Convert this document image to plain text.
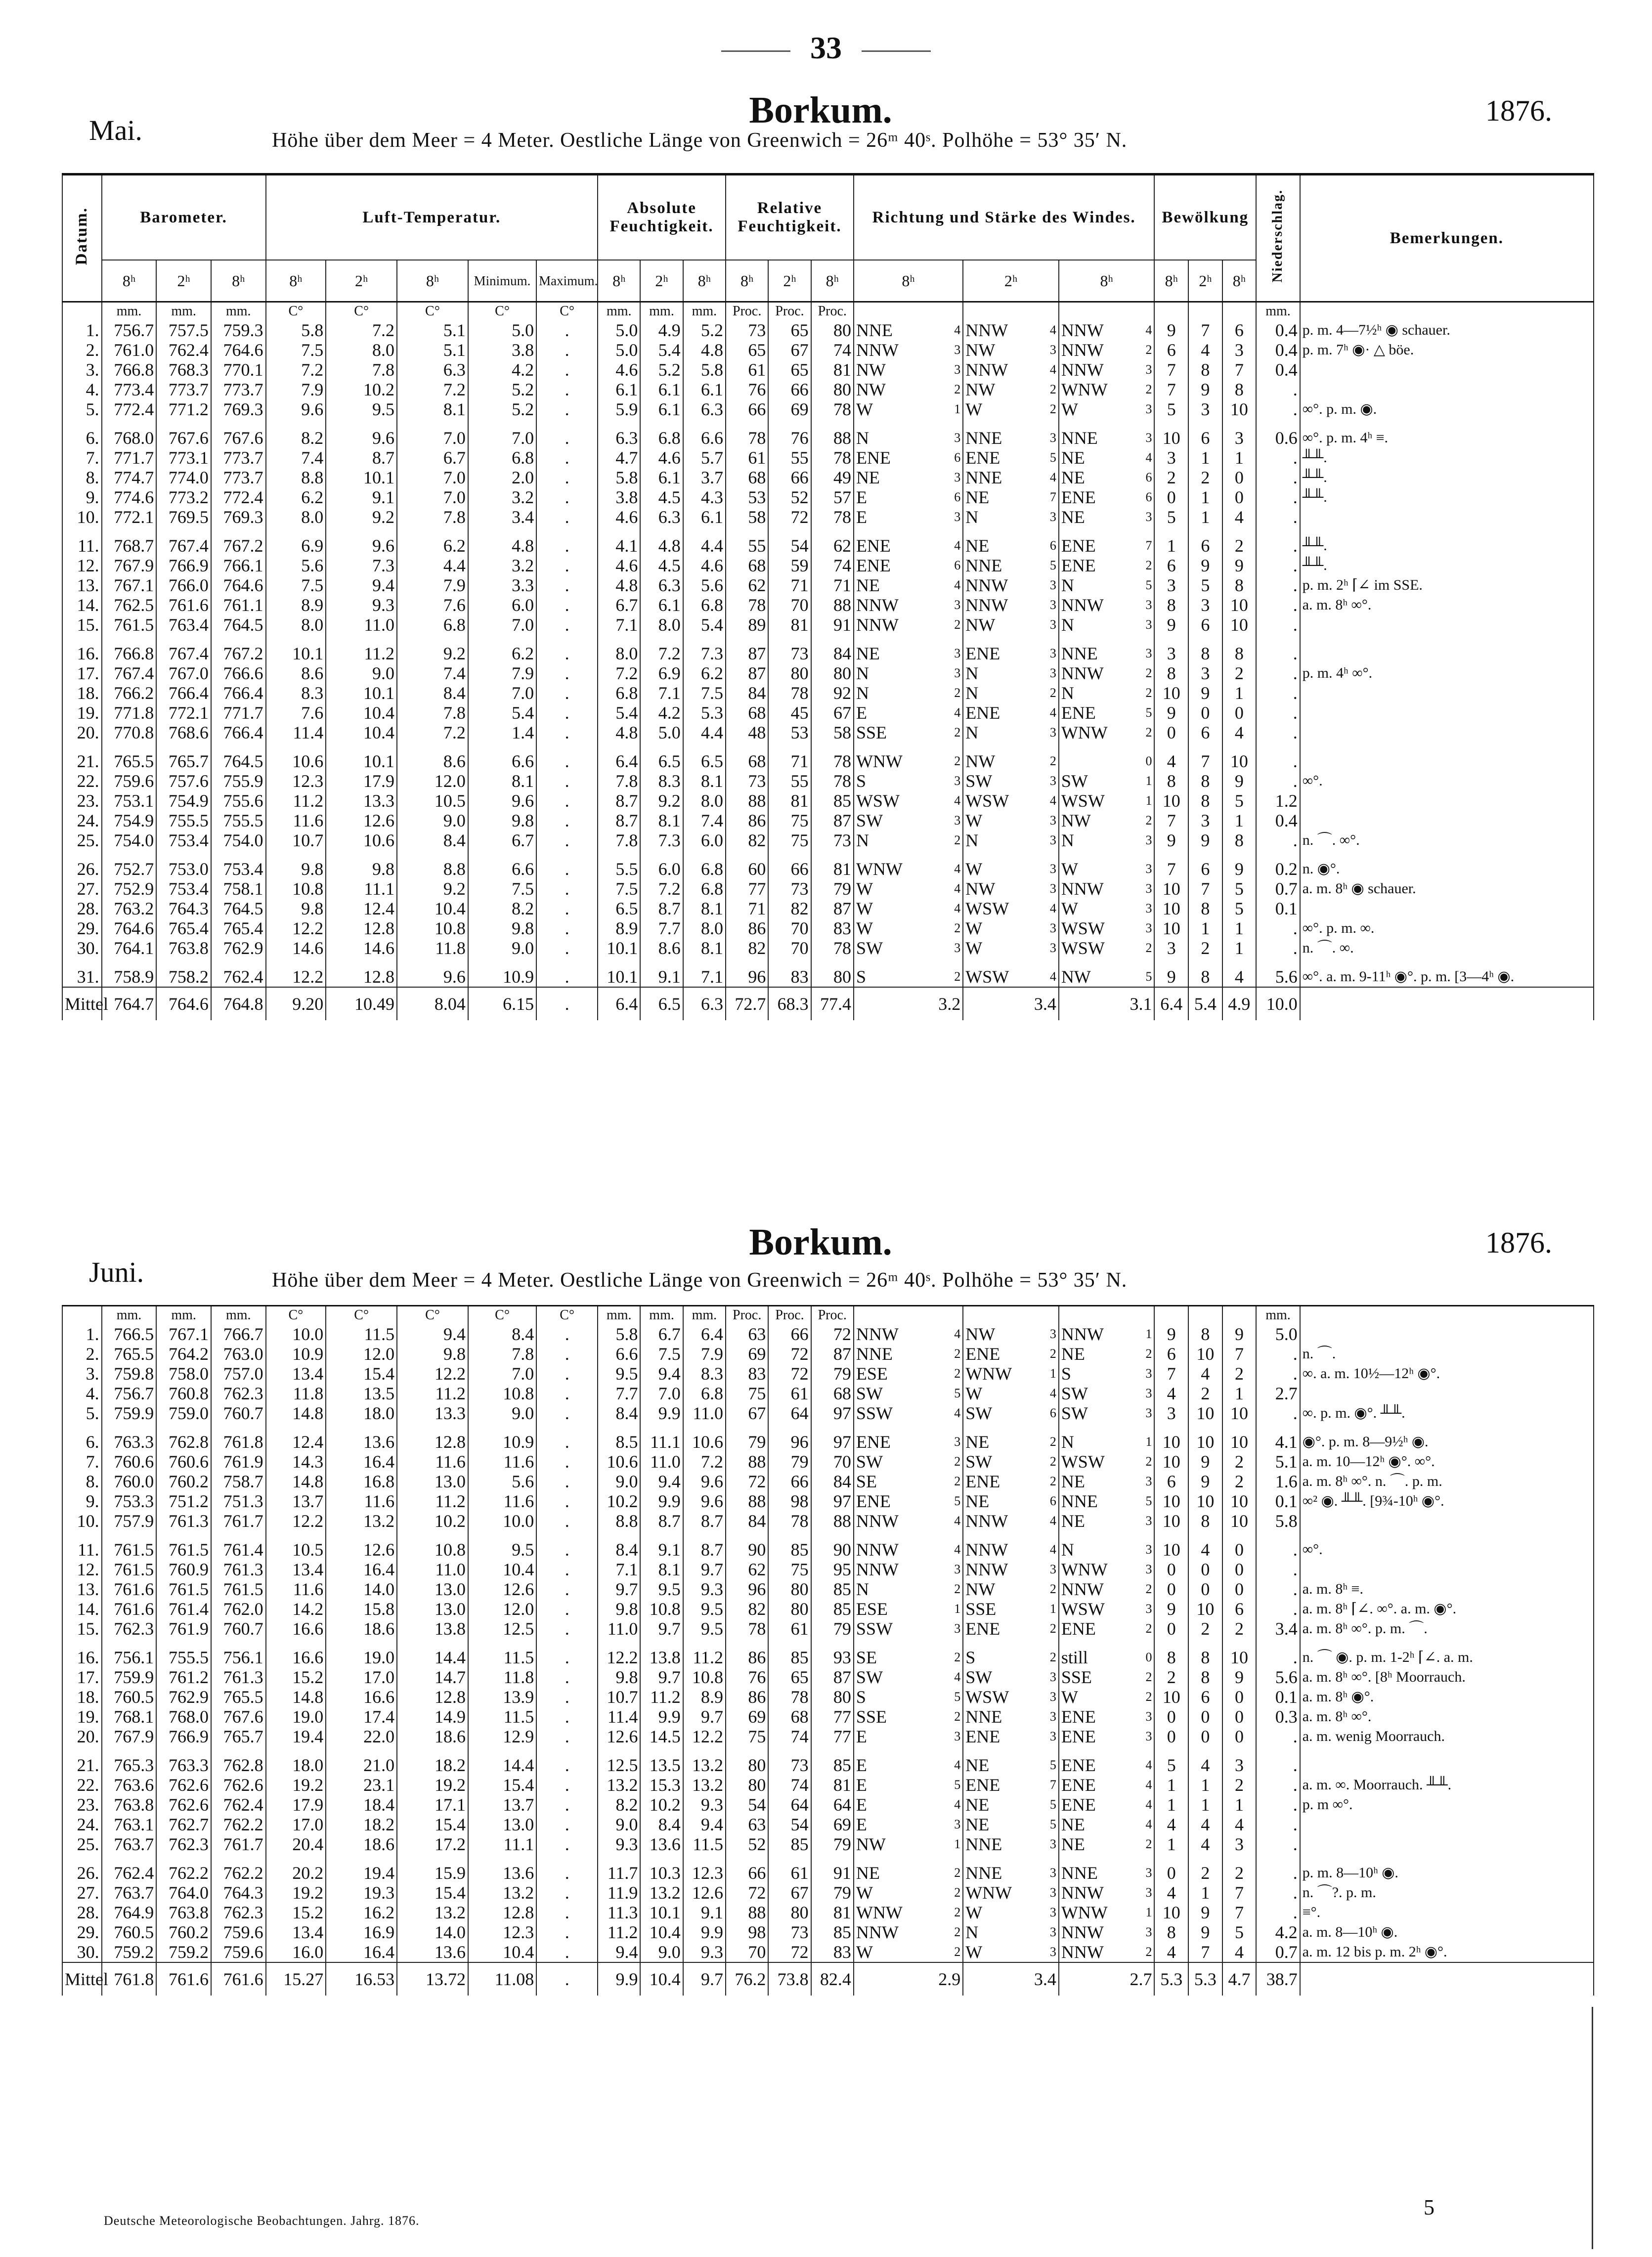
33
Borkum.
Mai.
1876.
Höhe über dem Meer = 4 Meter. Oestliche Länge von Greenwich = 26ᵐ 40ˢ. Polhöhe = 53° 35′ N.
Datum.	Barometer.			Luft-Temperatur.					Absolute Feuchtigkeit.			Relative Feuchtigkeit.			Richtung und Stärke des Windes.			Bewölkung			Niederschlag.	Bemerkungen.
	8ʰ	2ʰ	8ʰ	8ʰ	2ʰ	8ʰ	Minimum.	Maximum.	8ʰ	2ʰ	8ʰ	8ʰ	2ʰ	8ʰ	8ʰ	2ʰ	8ʰ	8ʰ	2ʰ	8ʰ		
	mm.	mm.	mm.	C°	C°	C°	C°	C°	mm.	mm.	mm.	Proc.	Proc.	Proc.							mm.	
1.	756.7	757.5	759.3	5.8	7.2	5.1	5.0	.	5.0	4.9	5.2	73	65	80	NNE 4	NNW 4	NNW 4	9	7	6	0.4	p. m. 4—7½ʰ ◉ schauer.
2.	761.0	762.4	764.6	7.5	8.0	5.1	3.8	.	5.0	5.4	4.8	65	67	74	NNW 3	NW 3	NNW 2	6	4	3	0.4	p. m. 7ʰ ◉· △ böe.
3.	766.8	768.3	770.1	7.2	7.8	6.3	4.2	.	4.6	5.2	5.8	61	65	81	NW 3	NNW 4	NNW 3	7	8	7	0.4	
4.	773.4	773.7	773.7	7.9	10.2	7.2	5.2	.	6.1	6.1	6.1	76	66	80	NW 2	NW 2	WNW 2	7	9	8	.	
5.	772.4	771.2	769.3	9.6	9.5	8.1	5.2	.	5.9	6.1	6.3	66	69	78	W 1	W 2	W 3	5	3	10	.	∞°. p. m. ◉.

6.	768.0	767.6	767.6	8.2	9.6	7.0	7.0	.	6.3	6.8	6.6	78	76	88	N 3	NNE 3	NNE 3	10	6	3	0.6	∞°. p. m. 4ʰ ≡.
7.	771.7	773.1	773.7	7.4	8.7	6.7	6.8	.	4.7	4.6	5.7	61	55	78	ENE 6	ENE 5	NE 4	3	1	1	.	╨╨.
8.	774.7	774.0	773.7	8.8	10.1	7.0	2.0	.	5.8	6.1	3.7	68	66	49	NE 3	NNE 4	NE 6	2	2	0	.	╨╨.
9.	774.6	773.2	772.4	6.2	9.1	7.0	3.2	.	3.8	4.5	4.3	53	52	57	E 6	NE 7	ENE 6	0	1	0	.	╨╨.
10.	772.1	769.5	769.3	8.0	9.2	7.8	3.4	.	4.6	6.3	6.1	58	72	78	E 3	N 3	NE 3	5	1	4	.	

11.	768.7	767.4	767.2	6.9	9.6	6.2	4.8	.	4.1	4.8	4.4	55	54	62	ENE 4	NE 6	ENE 7	1	6	2	.	╨╨.
12.	767.9	766.9	766.1	5.6	7.3	4.4	3.2	.	4.6	4.5	4.6	68	59	74	ENE 6	NNE 5	ENE 2	6	9	9	.	╨╨.
13.	767.1	766.0	764.6	7.5	9.4	7.9	3.3	.	4.8	6.3	5.6	62	71	71	NE 4	NNW 3	N 5	3	5	8	.	p. m. 2ʰ ⌈∠ im SSE.
14.	762.5	761.6	761.1	8.9	9.3	7.6	6.0	.	6.7	6.1	6.8	78	70	88	NNW 3	NNW 3	NNW 3	8	3	10	.	a. m. 8ʰ ∞°.
15.	761.5	763.4	764.5	8.0	11.0	6.8	7.0	.	7.1	8.0	5.4	89	81	91	NNW 2	NW 3	N 3	9	6	10	.	

16.	766.8	767.4	767.2	10.1	11.2	9.2	6.2	.	8.0	7.2	7.3	87	73	84	NE 3	ENE 3	NNE 3	3	8	8	.	
17.	767.4	767.0	766.6	8.6	9.0	7.4	7.9	.	7.2	6.9	6.2	87	80	80	N 3	N 3	NNW 2	8	3	2	.	p. m. 4ʰ ∞°.
18.	766.2	766.4	766.4	8.3	10.1	8.4	7.0	.	6.8	7.1	7.5	84	78	92	N 2	N 2	N 2	10	9	1	.	
19.	771.8	772.1	771.7	7.6	10.4	7.8	5.4	.	5.4	4.2	5.3	68	45	67	E 4	ENE 4	ENE 5	9	0	0	.	
20.	770.8	768.6	766.4	11.4	10.4	7.2	1.4	.	4.8	5.0	4.4	48	53	58	SSE 2	N 3	WNW 2	0	6	4	.	

21.	765.5	765.7	764.5	10.6	10.1	8.6	6.6	.	6.4	6.5	6.5	68	71	78	WNW 2	NW 2	0	4	7	10	.	
22.	759.6	757.6	755.9	12.3	17.9	12.0	8.1	.	7.8	8.3	8.1	73	55	78	S 3	SW 3	SW 1	8	8	9	.	∞°.
23.	753.1	754.9	755.6	11.2	13.3	10.5	9.6	.	8.7	9.2	8.0	88	81	85	WSW 4	WSW 4	WSW 1	10	8	5	1.2	
24.	754.9	755.5	755.5	11.6	12.6	9.0	9.8	.	8.7	8.1	7.4	86	75	87	SW 3	W 3	NW 2	7	3	1	0.4	
25.	754.0	753.4	754.0	10.7	10.6	8.4	6.7	.	7.8	7.3	6.0	82	75	73	N 2	N 3	N 3	9	9	8	.	n. ⌒. ∞°.

26.	752.7	753.0	753.4	9.8	9.8	8.8	6.6	.	5.5	6.0	6.8	60	66	81	WNW 4	W 3	W 3	7	6	9	0.2	n. ◉°.
27.	752.9	753.4	758.1	10.8	11.1	9.2	7.5	.	7.5	7.2	6.8	77	73	79	W 4	NW 3	NNW 3	10	7	5	0.7	a. m. 8ʰ ◉ schauer.
28.	763.2	764.3	764.5	9.8	12.4	10.4	8.2	.	6.5	8.7	8.1	71	82	87	W 4	WSW 4	W 3	10	8	5	0.1	
29.	764.6	765.4	765.4	12.2	12.8	10.8	9.8	.	8.9	7.7	8.0	86	70	83	W 2	W 3	WSW 3	10	1	1	.	∞°. p. m. ∞.
30.	764.1	763.8	762.9	14.6	14.6	11.8	9.0	.	10.1	8.6	8.1	82	70	78	SW 3	W 3	WSW 2	3	2	1	.	n. ⌒. ∞.

31.	758.9	758.2	762.4	12.2	12.8	9.6	10.9	.	10.1	9.1	7.1	96	83	80	S 2	WSW 4	NW 5	9	8	4	5.6	∞°. a. m. 9-11ʰ ◉°. p. m. [3—4ʰ ◉.
Mittel	764.7	764.6	764.8	9.20	10.49	8.04	6.15	.	6.4	6.5	6.3	72.7	68.3	77.4	3.2	3.4	3.1	6.4	5.4	4.9	10.0	
Borkum.
Juni.
1876.
Höhe über dem Meer = 4 Meter. Oestliche Länge von Greenwich = 26ᵐ 40ˢ. Polhöhe = 53° 35′ N.
	mm.	mm.	mm.	C°	C°	C°	C°	C°	mm.	mm.	mm.	Proc.	Proc.	Proc.							mm.	
1.	766.5	767.1	766.7	10.0	11.5	9.4	8.4	.	5.8	6.7	6.4	63	66	72	NNW 4	NW 3	NNW 1	9	8	9	5.0	
2.	765.5	764.2	763.0	10.9	12.0	9.8	7.8	.	6.6	7.5	7.9	69	72	87	NNE 2	ENE 2	NE 2	6	10	7	.	n. ⌒.
3.	759.8	758.0	757.0	13.4	15.4	12.2	7.0	.	9.5	9.4	8.3	83	72	79	ESE 2	WNW 1	S 3	7	4	2	.	∞. a. m. 10½—12ʰ ◉°.
4.	756.7	760.8	762.3	11.8	13.5	11.2	10.8	.	7.7	7.0	6.8	75	61	68	SW 5	W 4	SW 3	4	2	1	2.7	
5.	759.9	759.0	760.7	14.8	18.0	13.3	9.0	.	8.4	9.9	11.0	67	64	97	SSW 4	SW 6	SW 3	3	10	10	.	∞. p. m. ◉°. ╨╨.

6.	763.3	762.8	761.8	12.4	13.6	12.8	10.9	.	8.5	11.1	10.6	79	96	97	ENE 3	NE 2	N 1	10	10	10	4.1	◉°. p. m. 8—9½ʰ ◉.
7.	760.6	760.6	761.9	14.3	16.4	11.6	11.6	.	10.6	11.0	7.2	88	79	70	SW 2	SW 2	WSW 2	10	9	2	5.1	a. m. 10—12ʰ ◉°. ∞°.
8.	760.0	760.2	758.7	14.8	16.8	13.0	5.6	.	9.0	9.4	9.6	72	66	84	SE 2	ENE 2	NE 3	6	9	2	1.6	a. m. 8ʰ ∞°. n. ⌒. p. m.
9.	753.3	751.2	751.3	13.7	11.6	11.2	11.6	.	10.2	9.9	9.6	88	98	97	ENE 5	NE 6	NNE 5	10	10	10	0.1	∞² ◉. ╨╨. [9¾-10ʰ ◉°.
10.	757.9	761.3	761.7	12.2	13.2	10.2	10.0	.	8.8	8.7	8.7	84	78	88	NNW 4	NNW 4	NE 3	10	8	10	5.8	

11.	761.5	761.5	761.4	10.5	12.6	10.8	9.5	.	8.4	9.1	8.7	90	85	90	NNW 4	NNW 4	N 3	10	4	0	.	∞°.
12.	761.5	760.9	761.3	13.4	16.4	11.0	10.4	.	7.1	8.1	9.7	62	75	95	NNW 3	NNW 3	WNW 3	0	0	0	.	
13.	761.6	761.5	761.5	11.6	14.0	13.0	12.6	.	9.7	9.5	9.3	96	80	85	N 2	NW 2	NNW 2	0	0	0	.	a. m. 8ʰ ≡.
14.	761.6	761.4	762.0	14.2	15.8	13.0	12.0	.	9.8	10.8	9.5	82	80	85	ESE 1	SSE 1	WSW 3	9	10	6	.	a. m. 8ʰ ⌈∠. ∞°. a. m. ◉°.
15.	762.3	761.9	760.7	16.6	18.6	13.8	12.5	.	11.0	9.7	9.5	78	61	79	SSW 3	ENE 2	ENE 2	0	2	2	3.4	a. m. 8ʰ ∞°. p. m. ⌒.

16.	756.1	755.5	756.1	16.6	19.0	14.4	11.5	.	12.2	13.8	11.2	86	85	93	SE 2	S 2	still 0	8	8	10	.	n. ⌒ ◉. p. m. 1-2ʰ ⌈∠. a. m.
17.	759.9	761.2	761.3	15.2	17.0	14.7	11.8	.	9.8	9.7	10.8	76	65	87	SW 4	SW 3	SSE 2	2	8	9	5.6	a. m. 8ʰ ∞°. [8ʰ Moorrauch.
18.	760.5	762.9	765.5	14.8	16.6	12.8	13.9	.	10.7	11.2	8.9	86	78	80	S 5	WSW 3	W 2	10	6	0	0.1	a. m. 8ʰ ◉°.
19.	768.1	768.0	767.6	19.0	17.4	14.9	11.5	.	11.4	9.9	9.7	69	68	77	SSE 2	NNE 3	ENE 3	0	0	0	0.3	a. m. 8ʰ ∞°.
20.	767.9	766.9	765.7	19.4	22.0	18.6	12.9	.	12.6	14.5	12.2	75	74	77	E 3	ENE 3	ENE 3	0	0	0	.	a. m. wenig Moorrauch.

21.	765.3	763.3	762.8	18.0	21.0	18.2	14.4	.	12.5	13.5	13.2	80	73	85	E 4	NE 5	ENE 4	5	4	3	.	
22.	763.6	762.6	762.6	19.2	23.1	19.2	15.4	.	13.2	15.3	13.2	80	74	81	E 5	ENE 7	ENE 4	1	1	2	.	a. m. ∞. Moorrauch. ╨╨.
23.	763.8	762.6	762.4	17.9	18.4	17.1	13.7	.	8.2	10.2	9.3	54	64	64	E 4	NE 5	ENE 4	1	1	1	.	p. m ∞°.
24.	763.1	762.7	762.2	17.0	18.2	15.4	13.0	.	9.0	8.4	9.4	63	54	69	E 3	NE 5	NE 4	4	4	4	.	
25.	763.7	762.3	761.7	20.4	18.6	17.2	11.1	.	9.3	13.6	11.5	52	85	79	NW 1	NNE 3	NE 2	1	4	3	.	

26.	762.4	762.2	762.2	20.2	19.4	15.9	13.6	.	11.7	10.3	12.3	66	61	91	NE 2	NNE 3	NNE 3	0	2	2	.	p. m. 8—10ʰ ◉.
27.	763.7	764.0	764.3	19.2	19.3	15.4	13.2	.	11.9	13.2	12.6	72	67	79	W 2	WNW 3	NNW 3	4	1	7	.	n. ⌒?. p. m.
28.	764.9	763.8	762.3	15.2	16.2	13.2	12.8	.	11.3	10.1	9.1	88	80	81	WNW 2	W 3	WNW 1	10	9	7	.	≡°.
29.	760.5	760.2	759.6	13.4	16.9	14.0	12.3	.	11.2	10.4	9.9	98	73	85	NNW 2	N 3	NNW 3	8	9	5	4.2	a. m. 8—10ʰ ◉.
30.	759.2	759.2	759.6	16.0	16.4	13.6	10.4	.	9.4	9.0	9.3	70	72	83	W 2	W 3	NNW 2	4	7	4	0.7	a. m. 12 bis p. m. 2ʰ ◉°.
Mittel	761.8	761.6	761.6	15.27	16.53	13.72	11.08	.	9.9	10.4	9.7	76.2	73.8	82.4	2.9	3.4	2.7	5.3	5.3	4.7	38.7	
Deutsche Meteorologische Beobachtungen. Jahrg. 1876.
5
